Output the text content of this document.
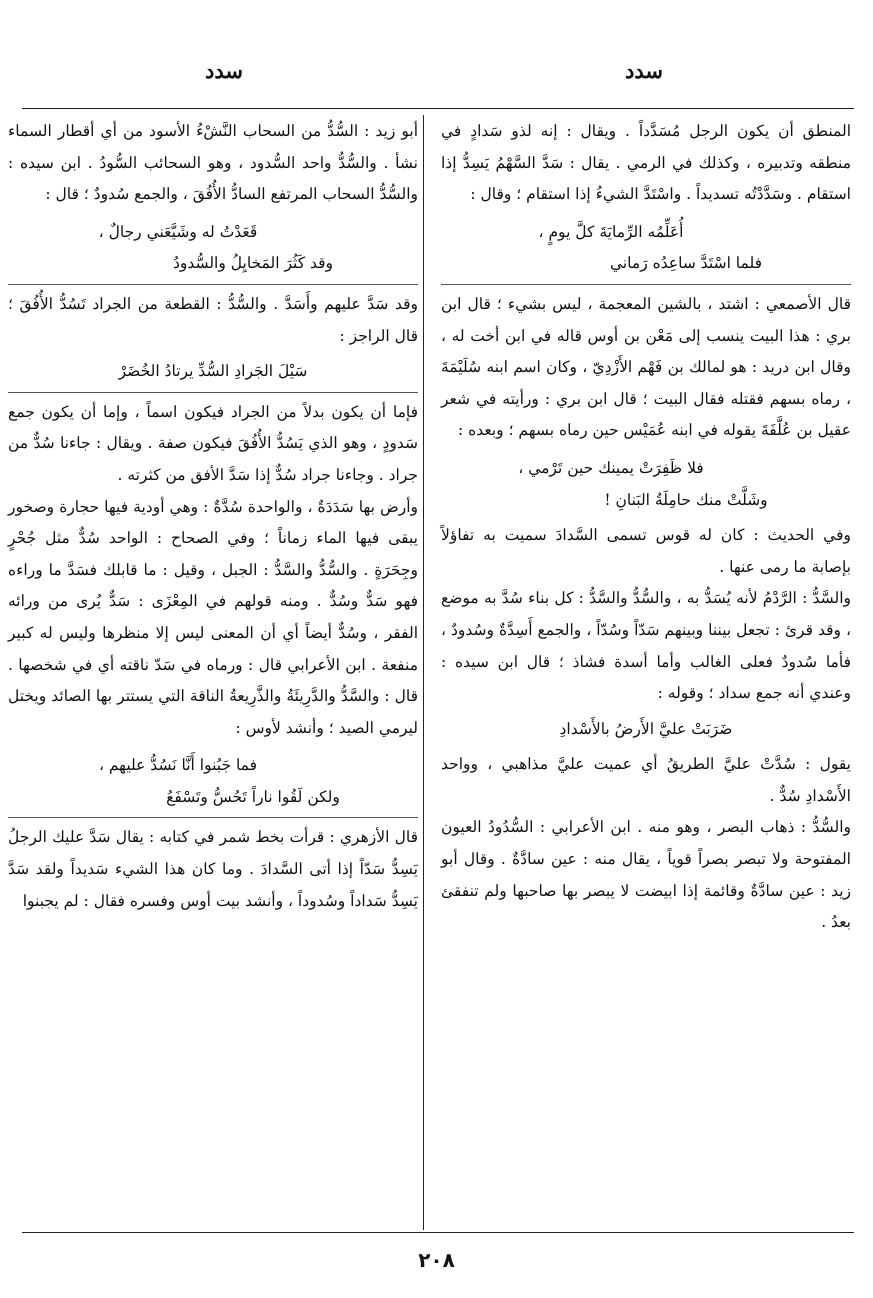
سدد
سدد

المنطق أن يكون الرجل مُسَدَّداً . ويقال : إنه لذو سَدادٍ في منطقه وتدبيره ، وكذلك في الرمي . يقال : سَدَّ السَّهْمُ يَسِدُّ إذا استقام . وسَدَّدْتُه تسديداً . واسْتَدَّ الشيءُ إذا استقام ؛ وقال :

أُعَلِّمُه الرِّمايَةَ كلَّ يومٍ ،
فلما اسْتَدَّ ساعِدُه رَماني

قال الأصمعي : اشتد ، بالشين المعجمة ، ليس بشيء ؛ قال ابن بري : هذا البيت ينسب إلى مَعْن بن أوس قاله في ابن أخت له ، وقال ابن دريد : هو لمالك بن فَهْم الأَزْدِيّ ، وكان اسم ابنه سُلَيْمَةَ ، رماه بسهم فقتله فقال البيت ؛ قال ابن بري : ورأيته في شعر عقيل بن عُلَّفَةَ يقوله في ابنه عُمَيْس حين رماه بسهم ؛ وبعده :

فلا ظَفِرَتْ يمينك حين تَرْمي ،
وشَلَّتْ منك حامِلَةُ البَنانِ !

وفي الحديث : كان له قوس تسمى السَّدادَ سميت به تفاؤلاً بإصابة ما رمى عنها .

والسَّدُّ : الرَّدْمُ لأنه يُسَدُّ به ، والسُّدُّ والسَّدُّ : كل بناء سُدَّ به موضع ، وقد قرئ : تجعل بيننا وبينهم سَدّاً وسُدّاً ، والجمع أَسِدَّةٌ وسُدودٌ ، فأما سُدودٌ فعلى الغالب وأما أسدة فشاذ ؛ قال ابن سيده : وعندي أنه جمع سداد ؛ وقوله :

ضَرَبَتْ عليَّ الأَرضُ بالأَسْدادِ

يقول : سُدَّتْ عليَّ الطريقُ أي عميت عليَّ مذاهبي ، وواحد الأَسْدادِ سُدٌّ .

والسُّدُّ : ذهاب البصر ، وهو منه . ابن الأعرابي : السُّدُودُ العيون المفتوحة ولا تبصر بصراً قوياً ، يقال منه : عين سادَّةٌ . وقال أبو زيد : عين سادَّةٌ وقائمة إذا ابيضت لا يبصر بها صاحبها ولم تنفقئ بعدُ .

أبو زيد : السُّدُّ من السحاب النَّشْءُ الأسود من أي أقطار السماء نشأ . والسُّدُّ واحد السُّدود ، وهو السحائب السُّودُ . ابن سيده : والسُّدُّ السحاب المرتفع السادُّ الأُفُقَ ، والجمع سُدودٌ ؛ قال :

قَعَدْتُ له وشَيَّعَني رجالٌ ،
وقد كَثُرَ المَخايِلُ والسُّدودُ

وقد سَدَّ عليهم وأَسَدَّ . والسُّدُّ : القطعة من الجراد تَسُدُّ الأُفُقَ ؛ قال الراجز :

سَيْلَ الجَرادِ السُّدِّ يرتادُ الخُضَرْ

فإما أن يكون بدلاً من الجراد فيكون اسماً ، وإما أن يكون جمع سَدودٍ ، وهو الذي يَسُدُّ الأُفُقَ فيكون صفة . ويقال : جاءنا سُدٌّ من جراد . وجاءنا جراد سُدٌّ إذا سَدَّ الأفق من كثرته .

وأرض بها سَدَدَةٌ ، والواحدة سُدَّةٌ : وهي أودية فيها حجارة وصخور يبقى فيها الماء زماناً ؛ وفي الصحاح : الواحد سُدٌّ مثل جُحْرٍ وجِحَرَةٍ . والسُّدُّ والسَّدُّ : الجبل ، وقيل : ما قابلك فسَدَّ ما وراءه فهو سَدٌّ وسُدٌّ . ومنه قولهم في المِعْزَى : سَدٌّ يُرى من ورائه الفقر ، وسُدٌّ أيضاً أي أن المعنى ليس إلا منظرها وليس له كبير منفعة . ابن الأعرابي قال : ورماه في سَدّ ناقته أي في شخصها . قال : والسَّدُّ والدَّرِيئَةُ والذَّرِيعةُ الناقة التي يستتر بها الصائد ويختل ليرمي الصيد ؛ وأنشد لأوس :

فما جَبُنوا أَنَّا نَسُدُّ عليهم ،
ولكن لَقُوا ناراً تَحُسُّ وتَسْفَعُ

قال الأزهري : قرأت بخط شمر في كتابه : يقال سَدَّ عليك الرجلُ يَسِدُّ سَدّاً إذا أتى السَّدادَ . وما كان هذا الشيء سَديداً ولقد سَدَّ يَسِدُّ سَداداً وسُدوداً ، وأنشد بيت أوس وفسره فقال : لم يجبنوا

٢٠٨
